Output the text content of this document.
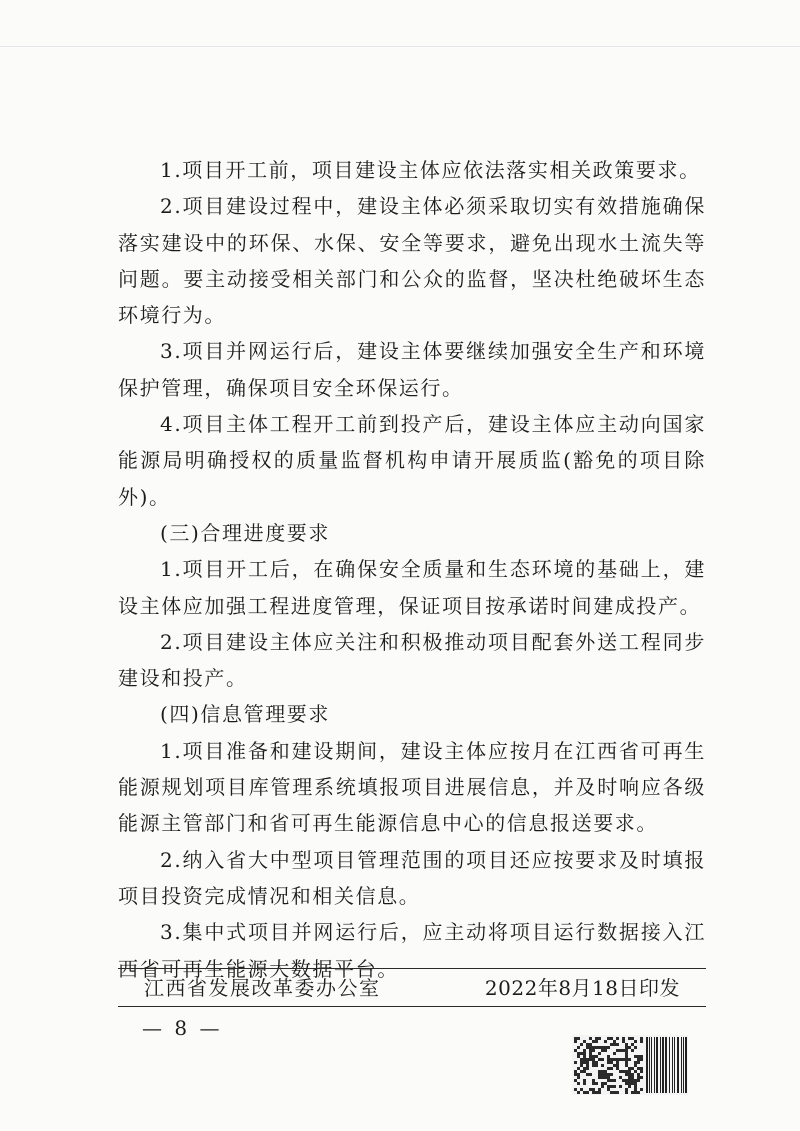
1.项目开工前，项目建设主体应依法落实相关政策要求。

2.项目建设过程中，建设主体必须采取切实有效措施确保落实建设中的环保、水保、安全等要求，避免出现水土流失等问题。要主动接受相关部门和公众的监督，坚决杜绝破坏生态环境行为。

3.项目并网运行后，建设主体要继续加强安全生产和环境保护管理，确保项目安全环保运行。

4.项目主体工程开工前到投产后，建设主体应主动向国家能源局明确授权的质量监督机构申请开展质监(豁免的项目除外)。

(三)合理进度要求

1.项目开工后，在确保安全质量和生态环境的基础上，建设主体应加强工程进度管理，保证项目按承诺时间建成投产。

2.项目建设主体应关注和积极推动项目配套外送工程同步建设和投产。

(四)信息管理要求

1.项目准备和建设期间，建设主体应按月在江西省可再生能源规划项目库管理系统填报项目进展信息，并及时响应各级能源主管部门和省可再生能源信息中心的信息报送要求。

2.纳入省大中型项目管理范围的项目还应按要求及时填报项目投资完成情况和相关信息。

3.集中式项目并网运行后，应主动将项目运行数据接入江西省可再生能源大数据平台。

江西省发展改革委办公室	2022年8月18日印发
— 8 —
